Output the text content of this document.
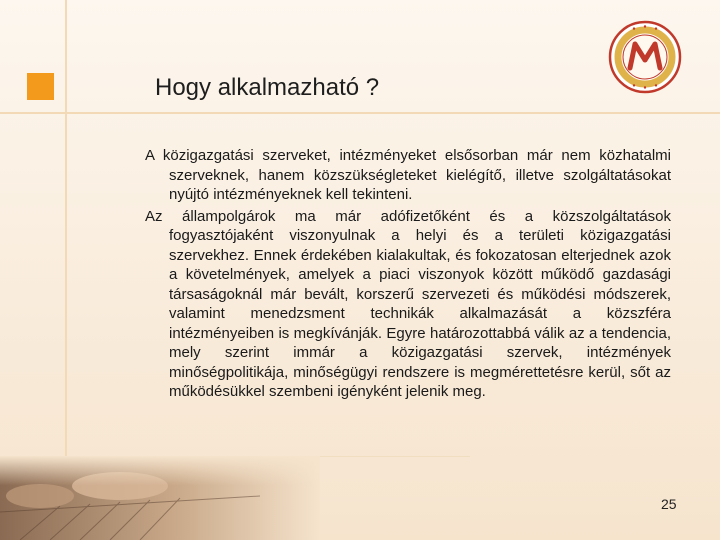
Hogy alkalmazható ?

A közigazgatási szerveket, intézményeket elsősorban már nem közhatalmi szerveknek, hanem közszükségleteket kielégítő, illetve szolgáltatásokat nyújtó intézményeknek kell tekinteni.

Az állampolgárok ma már adófizetőként és a közszolgáltatások fogyasztójaként viszonyulnak a helyi és a területi közigazgatási szervekhez. Ennek érdekében kialakultak, és fokozatosan elterjednek azok a követelmények, amelyek a piaci viszonyok között működő gazdasági társaságoknál már bevált, korszerű szervezeti és működési módszerek, valamint menedzsment technikák alkalmazását a közszféra intézményeiben is megkívánják. Egyre határozottabbá válik az a tendencia, mely szerint immár a közigazgatási szervek, intézmények minőségpolitikája, minőségügyi rendszere is megmérettetésre kerül, sőt az működésükkel szembeni igényként jelenik meg.

25
